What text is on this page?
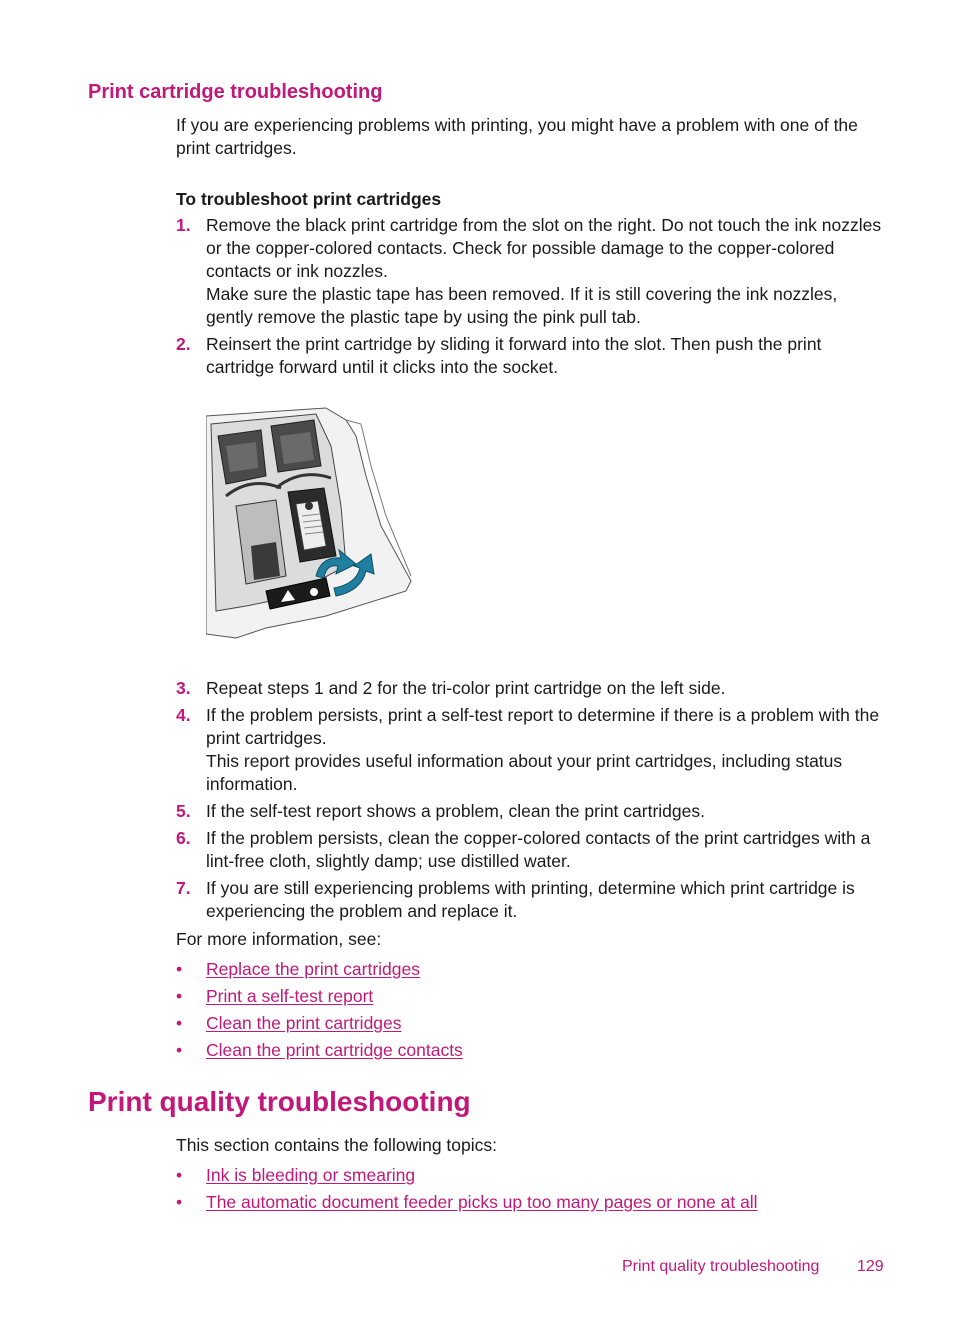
Print cartridge troubleshooting

If you are experiencing problems with printing, you might have a problem with one of the print cartridges.

To troubleshoot print cartridges

1. Remove the black print cartridge from the slot on the right. Do not touch the ink nozzles or the copper-colored contacts. Check for possible damage to the copper-colored contacts or ink nozzles.
Make sure the plastic tape has been removed. If it is still covering the ink nozzles, gently remove the plastic tape by using the pink pull tab.
2. Reinsert the print cartridge by sliding it forward into the slot. Then push the print cartridge forward until it clicks into the socket.
3. Repeat steps 1 and 2 for the tri-color print cartridge on the left side.
4. If the problem persists, print a self-test report to determine if there is a problem with the print cartridges.
This report provides useful information about your print cartridges, including status information.
5. If the self-test report shows a problem, clean the print cartridges.
6. If the problem persists, clean the copper-colored contacts of the print cartridges with a lint-free cloth, slightly damp; use distilled water.
7. If you are still experiencing problems with printing, determine which print cartridge is experiencing the problem and replace it.

For more information, see:

• Replace the print cartridges
• Print a self-test report
• Clean the print cartridges
• Clean the print cartridge contacts
Print quality troubleshooting

This section contains the following topics:

• Ink is bleeding or smearing
• The automatic document feeder picks up too many pages or none at all
Print quality troubleshooting 129
